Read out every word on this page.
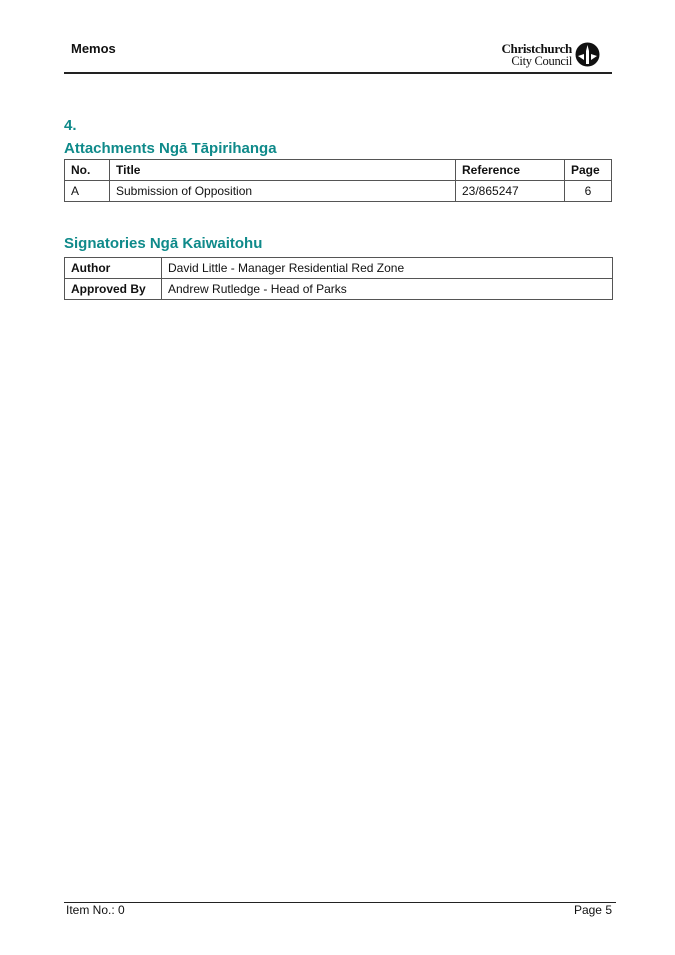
Memos	Christchurch
City Council
4.
Attachments Ngā Tāpirihanga
No.	Title	Reference	Page
A	Submission of Opposition	23/865247	6
Signatories Ngā Kaiwaitohu
Author	David Little - Manager Residential Red Zone
Approved By	Andrew Rutledge - Head of Parks
Item No.: 0	Page 5
